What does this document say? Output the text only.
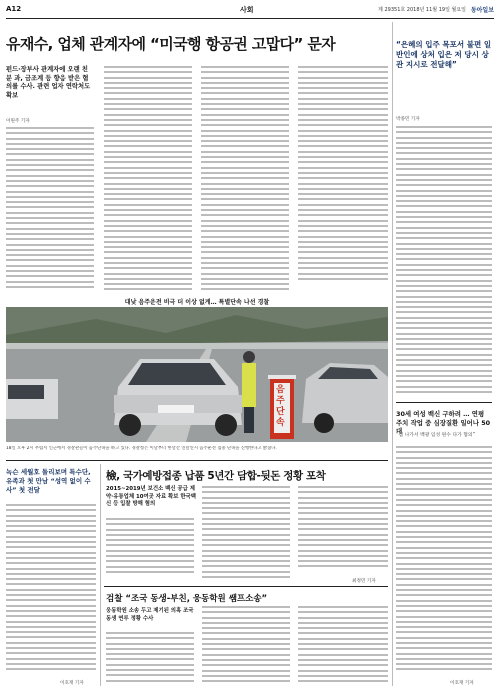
A12	사회	제 29351호 2018년 11월 19일 월요일 동아일보
유재수, 업체 관계자에 “미국행 항공권 고맙다” 문자
펀드·장부사 관계자에 오랜 친분 과, 금조계 등 향응 받은 혐의를 수사. 관련 업자 연락처도 확보
이원주 기자
“은혜의 입주 목포서 불편 일반인에 상처 입은 저 당시 상관 지시로 전달해”
박종민 기자
30세 여성 백신 구하려 … 연평 주치 작업 중 심장질환 일어나 50대
“집 나가서 백광 임성 원수 다가 혐의”
이호재 기자
대낮 음주운전 비극 더 이상 없게… 특별단속 나선 경찰
음주단속
18일 오후 2시 무렵서 인근에서 경찰관들이 음주단속을 하고 있다. 경찰청은 이날부터 한달간 연말연시 음주운전 집중 단속을 진행한다고 밝혔다.
녹슨 세월호 돌리보며 특수단, 유족과 첫 만남 “성역 없이 수사” 첫 전달
이호재 기자
檢, 국가예방접종 납품 5년간 담합-뒷돈 정황 포착
2015~2019년 보건소 백신 공급 제약·유통업체 10여곳 자료 확보 한국백신 등 입찰 방해 혐의
최정민 기자
검찰 “조국 동생-부친, 웅동학원 쌤프소송”
웅동학원 소송 두고 제기된 의혹 조국 동생 연루 정황 수사
